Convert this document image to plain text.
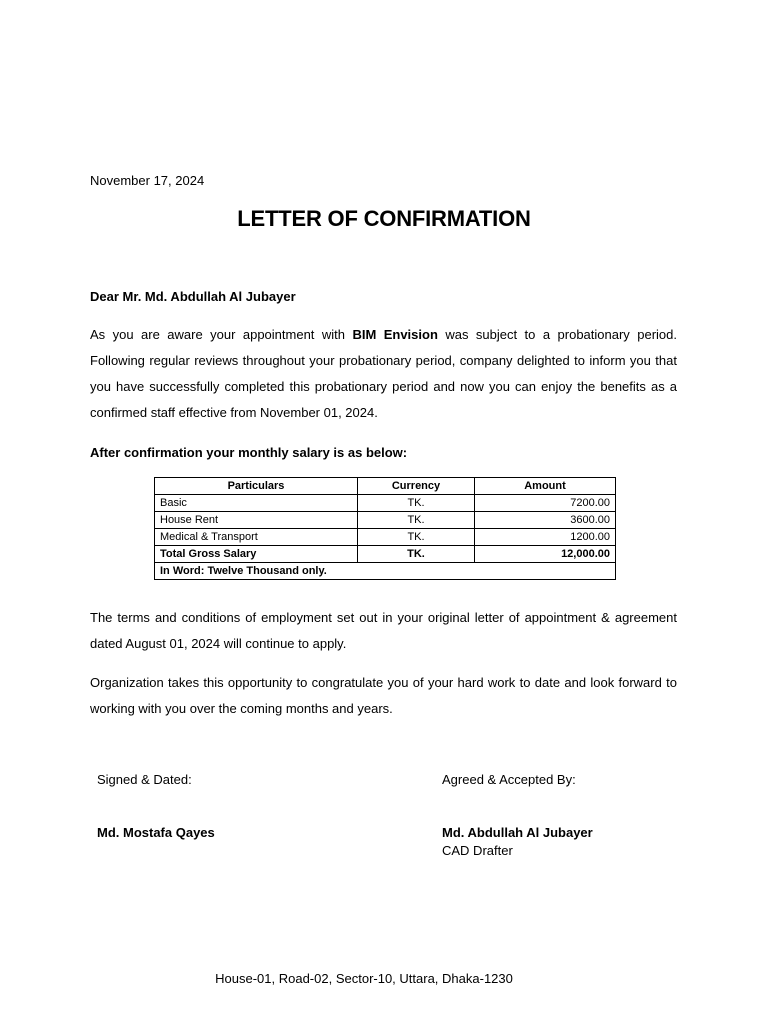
November 17, 2024
LETTER OF CONFIRMATION
Dear Mr. Md. Abdullah Al Jubayer
As you are aware your appointment with BIM Envision was subject to a probationary period. Following regular reviews throughout your probationary period, company delighted to inform you that you have successfully completed this probationary period and now you can enjoy the benefits as a confirmed staff effective from November 01, 2024.
After confirmation your monthly salary is as below:
Particulars	Currency	Amount
Basic	TK.	7200.00
House Rent	TK.	3600.00
Medical & Transport	TK.	1200.00
Total Gross Salary	TK.	12,000.00
In Word: Twelve Thousand only.		
The terms and conditions of employment set out in your original letter of appointment & agreement dated August 01, 2024 will continue to apply.
Organization takes this opportunity to congratulate you of your hard work to date and look forward to working with you over the coming months and years.
Signed & Dated:	Agreed & Accepted By:
Md. Mostafa Qayes	Md. Abdullah Al Jubayer
CAD Drafter
House-01, Road-02, Sector-10, Uttara, Dhaka-1230
